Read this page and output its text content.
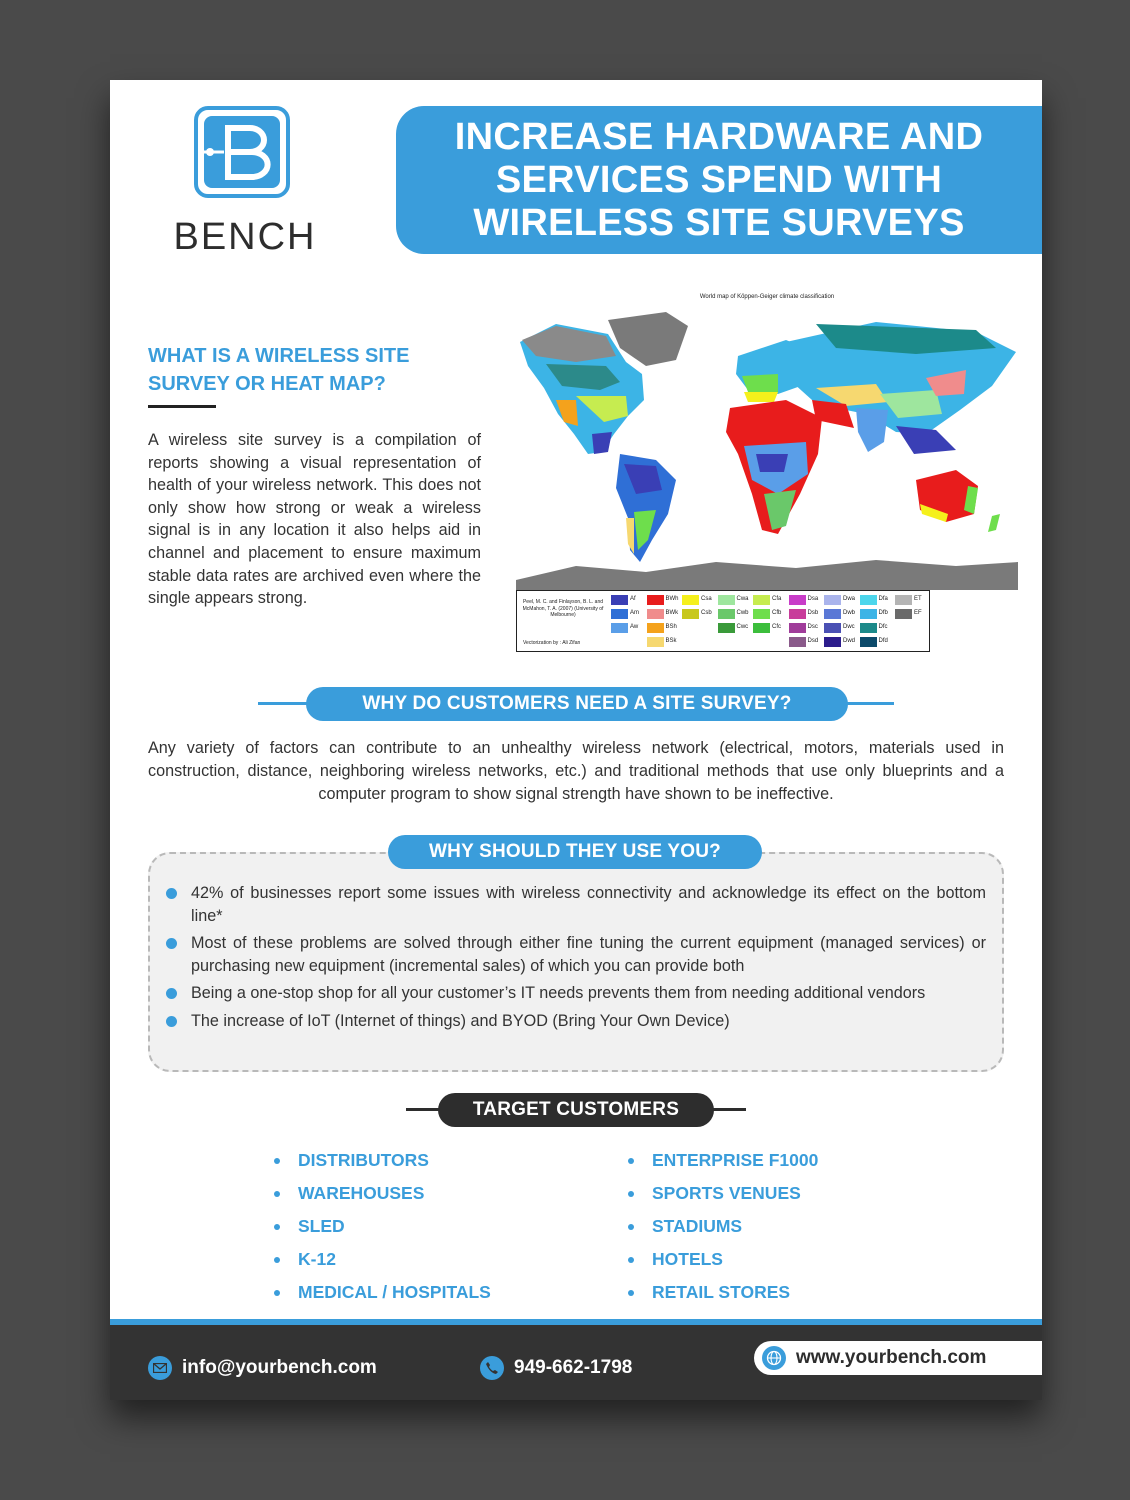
BENCH
INCREASE HARDWARE AND
SERVICES SPEND WITH
WIRELESS SITE SURVEYS
WHAT IS A WIRELESS SITE
SURVEY OR HEAT MAP?

A wireless site survey is a compilation of reports showing a visual representation of health of your wireless network. This does not only show how strong or weak a wireless signal is in any location it also helps aid in channel and placement to ensure maximum stable data rates are archived even where the single appears strong.

World map of Köppen-Geiger climate classification
Peel, M. C. and Finlayson, B. L. and McMahon, T. A. (2007) (University of Melbourne)
Vectorization by : Ali Zifan
Af
Am
Aw
BWh
BWk
BSh
BSk
Csa
Csb
Cwa
Cwb
Cwc
Cfa
Cfb
Cfc
Dsa
Dsb
Dsc
Dsd
Dwa
Dwb
Dwc
Dwd
Dfa
Dfb
Dfc
Dfd
ET
EF
WHY DO CUSTOMERS NEED A SITE SURVEY?

Any variety of factors can contribute to an unhealthy wireless network (electrical, motors, materials used in construction, distance, neighboring wireless networks, etc.) and traditional methods that use only blueprints and a computer program to show signal strength have shown to be ineffective.

42% of businesses report some issues with wireless connectivity and acknowledge its effect on the bottom line*
Most of these problems are solved through either fine tuning the current equipment (managed services) or purchasing new equipment (incremental sales) of which you can provide both
Being a one-stop shop for all your customer’s IT needs prevents them from needing additional vendors
The increase of IoT (Internet of things) and BYOD (Bring Your Own Device)
WHY SHOULD THEY USE YOU?
TARGET CUSTOMERS
DISTRIBUTORS
WAREHOUSES
SLED
K-12
MEDICAL / HOSPITALS
ENTERPRISE F1000
SPORTS VENUES
STADIUMS
HOTELS
RETAIL STORES
info@yourbench.com	949-662-1798	www.yourbench.com
